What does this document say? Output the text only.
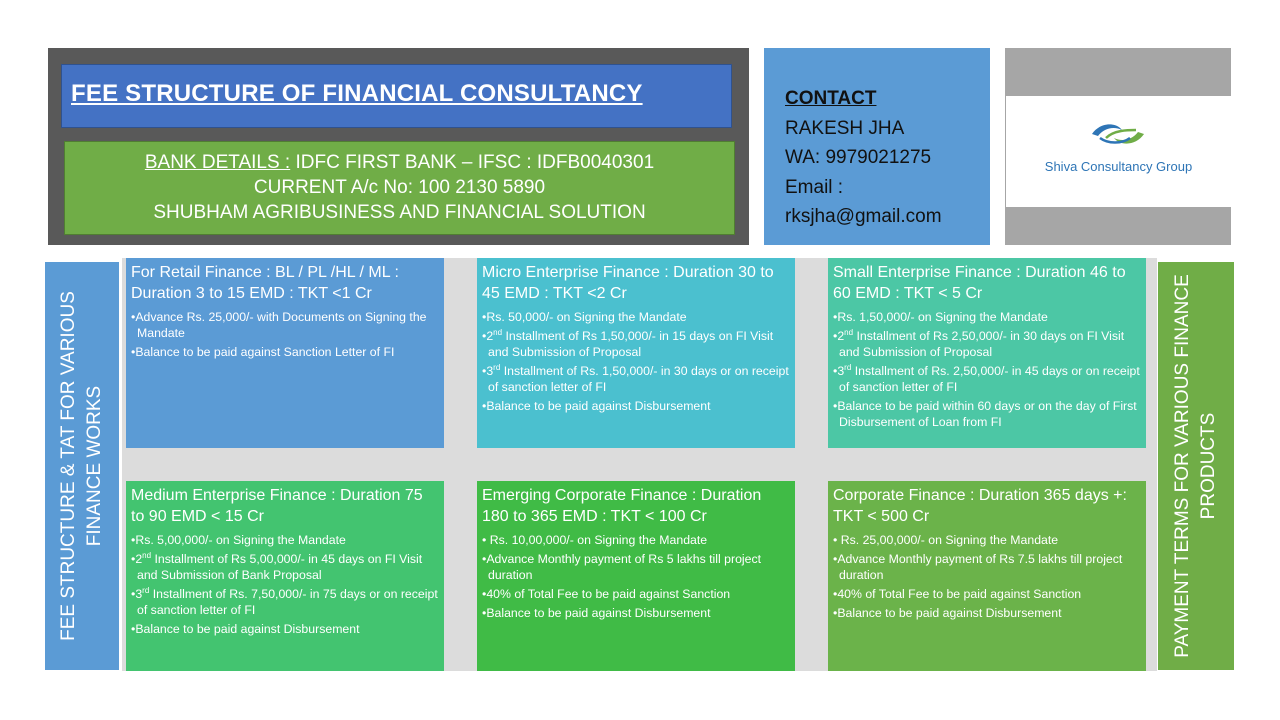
FEE STRUCTURE OF FINANCIAL CONSULTANCY
BANK DETAILS : IDFC FIRST BANK – IFSC : IDFB0040301
CURRENT A/c No: 100 2130 5890
SHUBHAM AGRIBUSINESS AND FINANCIAL SOLUTION
CONTACT
RAKESH JHA
WA: 9979021275
Email :
rksjha@gmail.com
Shiva Consultancy Group
FEE STRUCTURE & TAT FOR VARIOUS FINANCE WORKS	PAYMENT TERMS FOR VARIOUS FINANCE PRODUCTS
For Retail Finance : BL / PL /HL / ML : Duration 3 to 15 EMD : TKT <1 Cr
• Advance Rs. 25,000/- with Documents on Signing the Mandate
• Balance to be paid against Sanction Letter of FI
Micro Enterprise Finance : Duration 30 to 45 EMD : TKT <2 Cr
• Rs. 50,000/- on Signing the Mandate
• 2nd Installment of Rs 1,50,000/- in 15 days on FI Visit and Submission of Proposal
• 3rd Installment of Rs. 1,50,000/- in 30 days or on receipt of sanction letter of FI
• Balance to be paid against Disbursement
Small Enterprise Finance : Duration 46 to 60 EMD : TKT < 5 Cr
• Rs. 1,50,000/- on Signing the Mandate
• 2nd Installment of Rs 2,50,000/- in 30 days on FI Visit and Submission of Proposal
• 3rd Installment of Rs. 2,50,000/- in 45 days or on receipt of sanction letter of FI
• Balance to be paid within 60 days or on the day of First Disbursement of Loan from FI
Medium Enterprise Finance : Duration 75 to 90 EMD < 15 Cr
• Rs. 5,00,000/- on Signing the Mandate
• 2nd Installment of Rs 5,00,000/- in 45 days on FI Visit and Submission of Bank Proposal
• 3rd Installment of Rs. 7,50,000/- in 75 days or on receipt of sanction letter of FI
• Balance to be paid against Disbursement
Emerging Corporate Finance : Duration 180 to 365 EMD : TKT < 100 Cr
• Rs. 10,00,000/- on Signing the Mandate
• Advance Monthly payment of Rs 5 lakhs till project duration
• 40% of Total Fee to be paid against Sanction
• Balance to be paid against Disbursement
Corporate Finance : Duration 365 days +: TKT < 500 Cr
• Rs. 25,00,000/- on Signing the Mandate
• Advance Monthly payment of Rs 7.5 lakhs till project duration
• 40% of Total Fee to be paid against Sanction
• Balance to be paid against Disbursement
